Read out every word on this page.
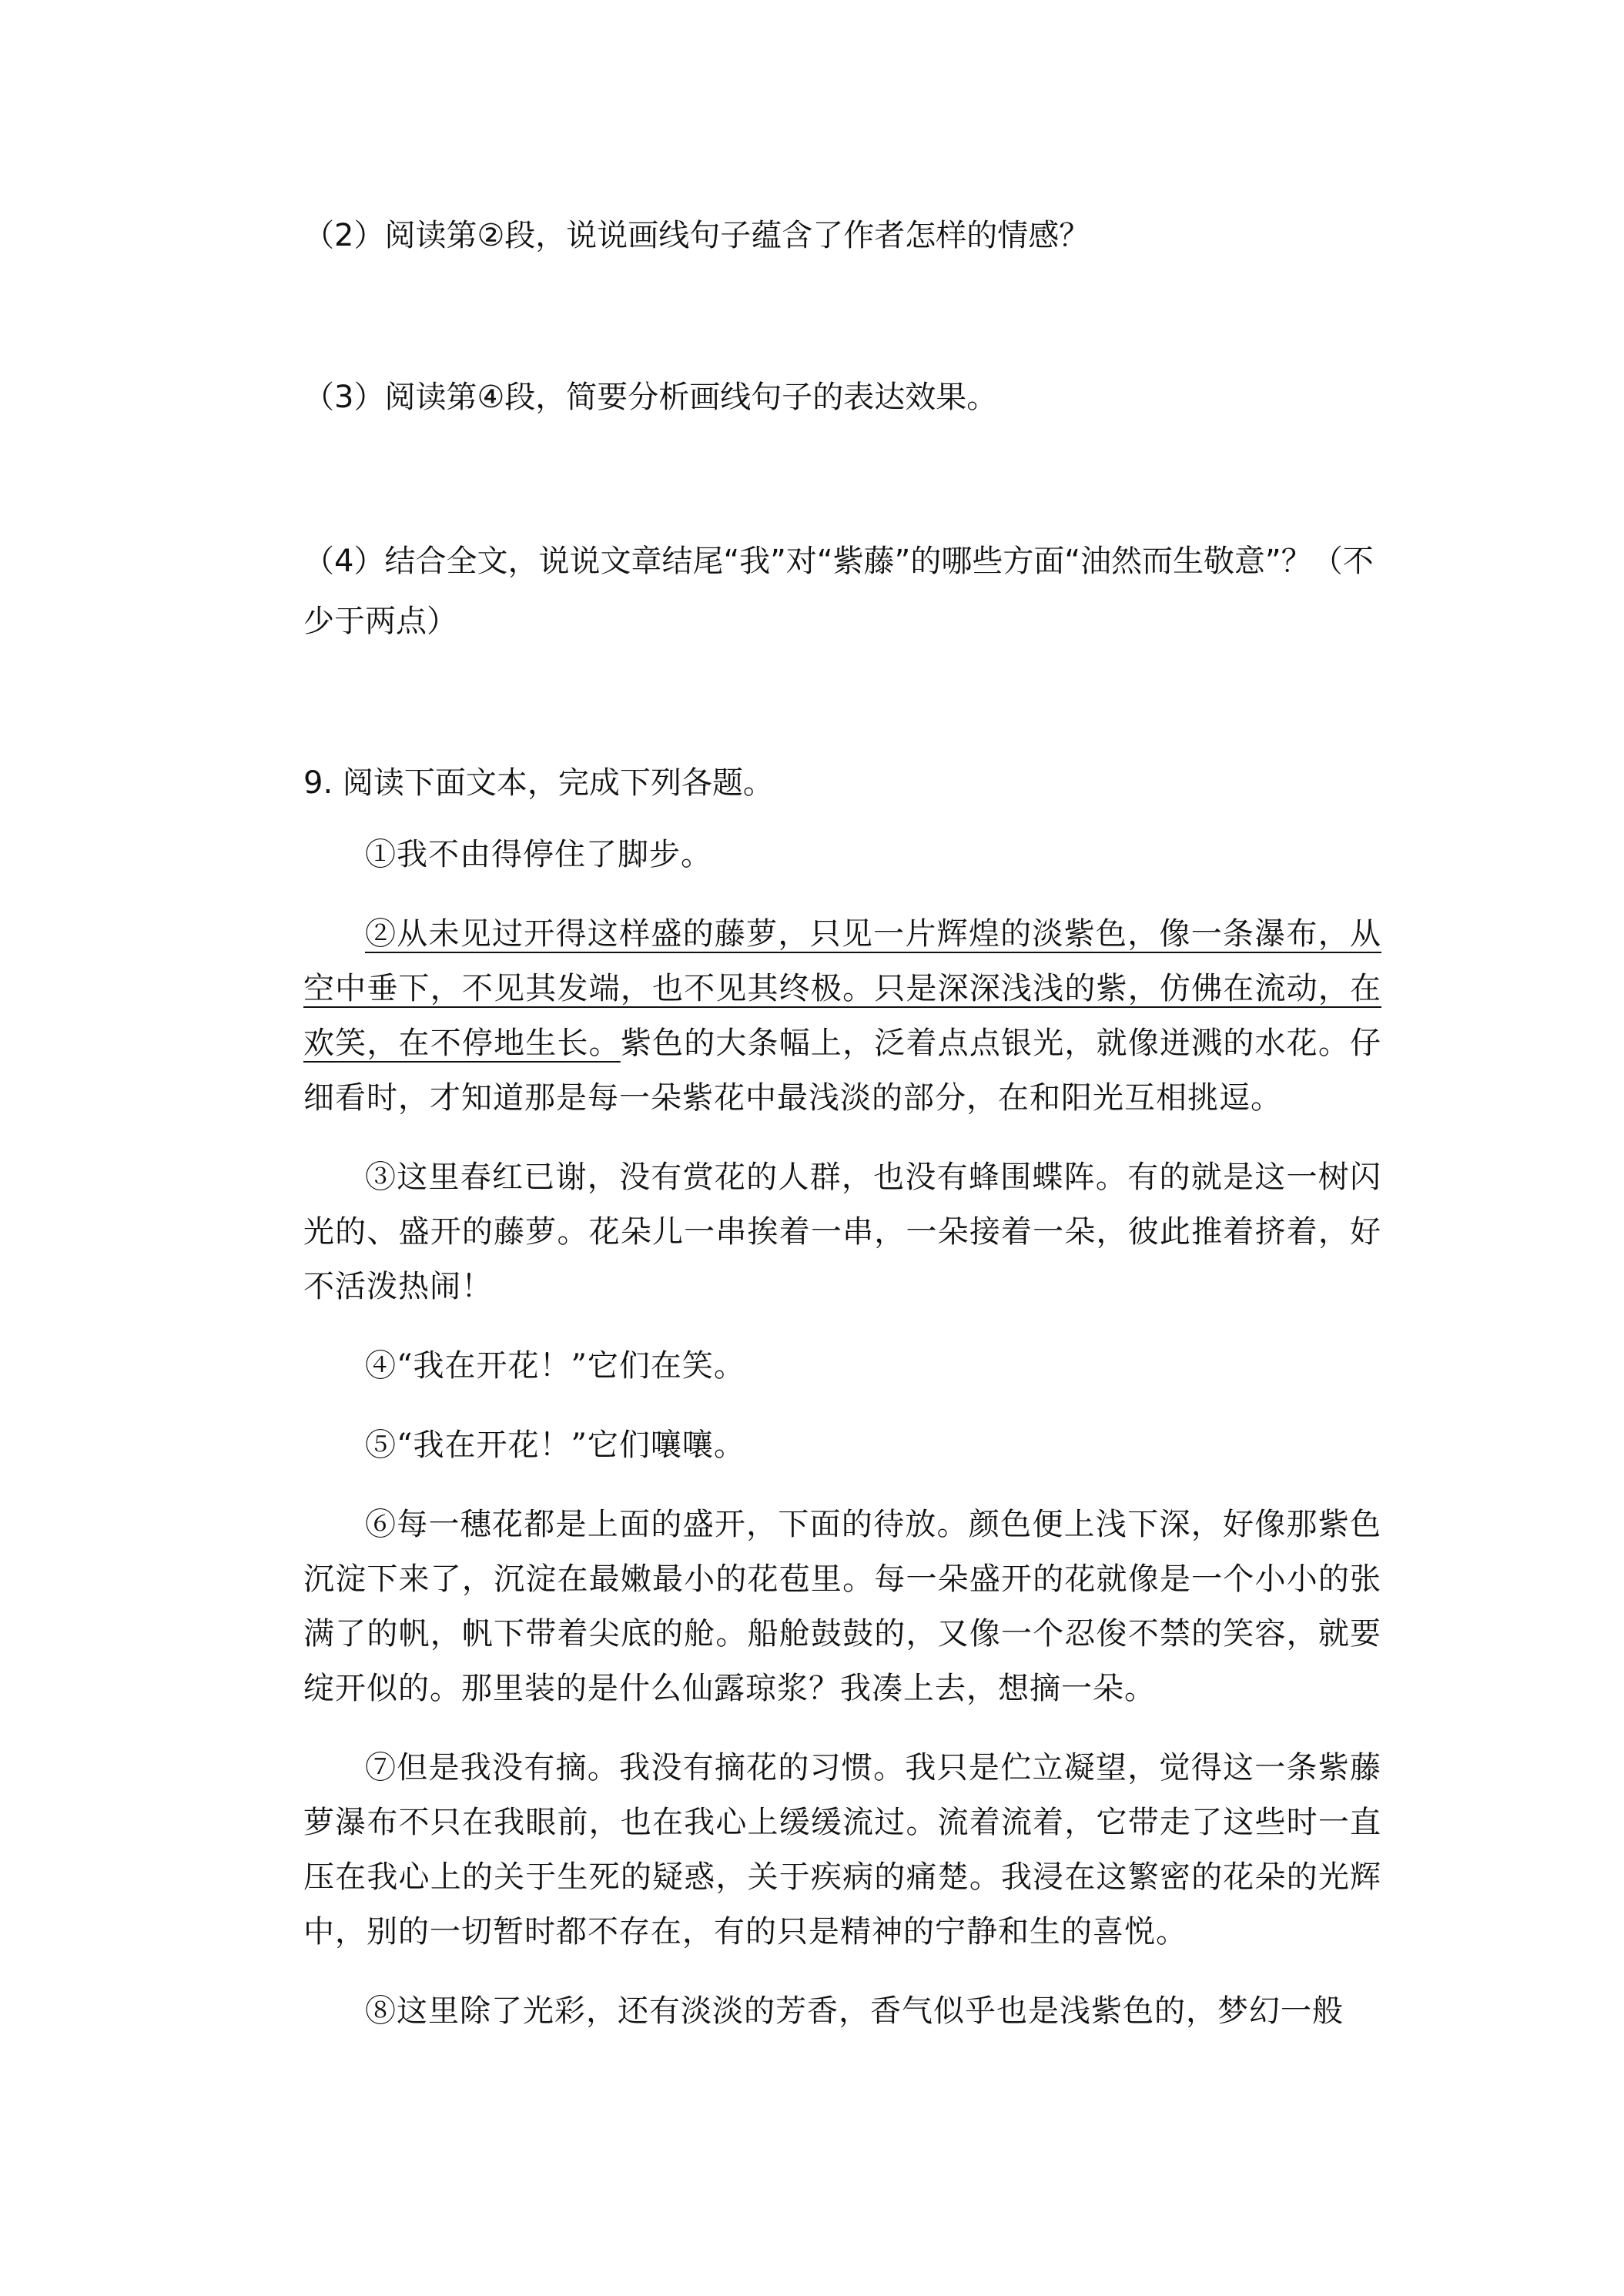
（2）阅读第②段，说说画线句子蕴含了作者怎样的情感？

（3）阅读第④段，简要分析画线句子的表达效果。

（4）结合全文，说说文章结尾“我”对“紫藤”的哪些方面“油然而生敬意”？（不少于两点）

9. 阅读下面文本，完成下列各题。

①我不由得停住了脚步。

②从未见过开得这样盛的藤萝，只见一片辉煌的淡紫色，像一条瀑布，从空中垂下，不见其发端，也不见其终极。只是深深浅浅的紫，仿佛在流动，在欢笑，在不停地生长。紫色的大条幅上，泛着点点银光，就像迸溅的水花。仔细看时，才知道那是每一朵紫花中最浅淡的部分，在和阳光互相挑逗。

③这里春红已谢，没有赏花的人群，也没有蜂围蝶阵。有的就是这一树闪光的、盛开的藤萝。花朵儿一串挨着一串，一朵接着一朵，彼此推着挤着，好不活泼热闹！

④“我在开花！”它们在笑。

⑤“我在开花！”它们嚷嚷。

⑥每一穗花都是上面的盛开，下面的待放。颜色便上浅下深，好像那紫色沉淀下来了，沉淀在最嫩最小的花苞里。每一朵盛开的花就像是一个小小的张满了的帆，帆下带着尖底的舱。船舱鼓鼓的，又像一个忍俊不禁的笑容，就要绽开似的。那里装的是什么仙露琼浆？我凑上去，想摘一朵。

⑦但是我没有摘。我没有摘花的习惯。我只是伫立凝望，觉得这一条紫藤萝瀑布不只在我眼前，也在我心上缓缓流过。流着流着，它带走了这些时一直压在我心上的关于生死的疑惑，关于疾病的痛楚。我浸在这繁密的花朵的光辉中，别的一切暂时都不存在，有的只是精神的宁静和生的喜悦。

⑧这里除了光彩，还有淡淡的芳香，香气似乎也是浅紫色的，梦幻一般
